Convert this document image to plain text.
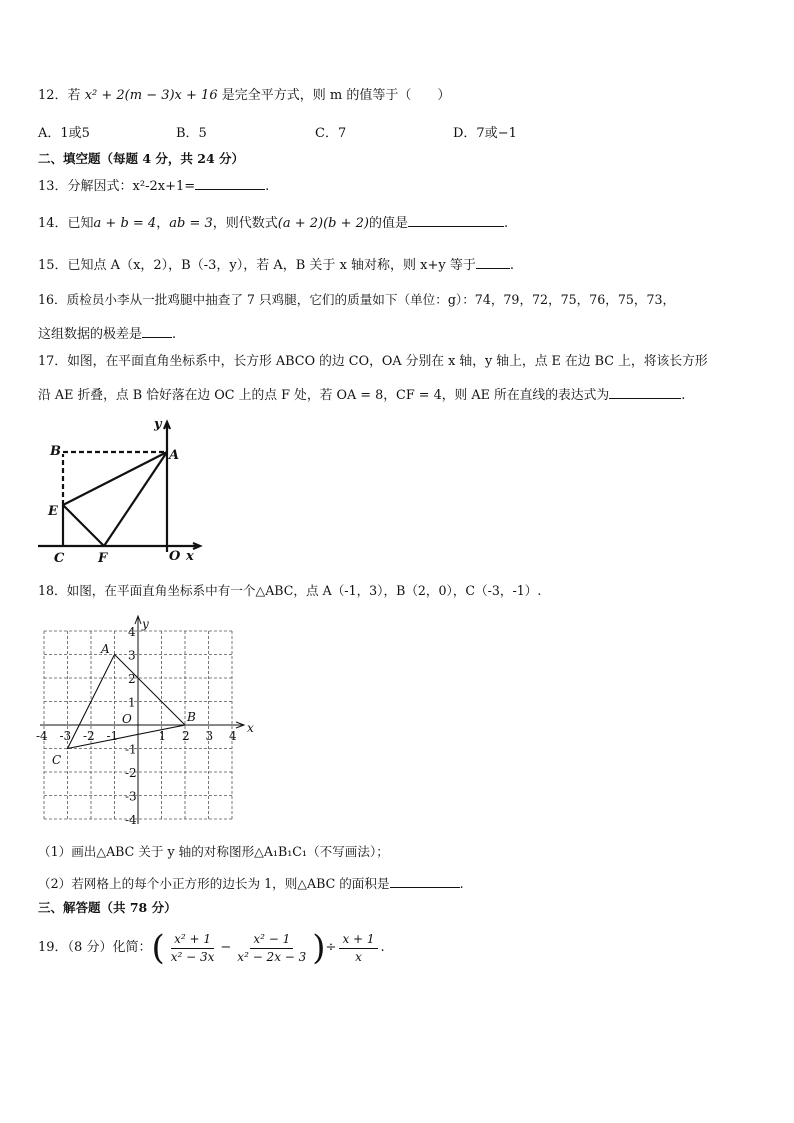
12．若 x² + 2(m − 3)x + 16 是完全平方式，则 m 的值等于（　　）
A．1或5	B．5	C．7	D．7或−1
二、填空题（每题 4 分，共 24 分）
13．分解因式：x²-2x+1=	.
14．已知a + b = 4，ab = 3，则代数式(a + 2)(b + 2)的值是	.
15．已知点 A（x，2），B（-3，y），若 A，B 关于 x 轴对称，则 x+y 等于	.
16．质检员小李从一批鸡腿中抽查了 7 只鸡腿，它们的质量如下（单位：g）：74，79，72，75，76，75，73，
这组数据的极差是 .
17．如图，在平面直角坐标系中，长方形 ABCO 的边 CO，OA 分别在 x 轴，y 轴上，点 E 在边 BC 上，将该长方形
沿 AE 折叠，点 B 恰好落在边 OC 上的点 F 处，若 OA = 8，CF = 4，则 AE 所在直线的表达式为	.
B	A
E
C	F	O x
y
18．如图，在平面直角坐标系中有一个△ABC，点 A（-1，3），B（2，0），C（-3，-1）.
-4 -3 -2 -1	1 2 3 4
4
3
2
1
-1
-2
-3
-4
A
B
C
O
x
y
（1）画出△ABC 关于 y 轴的对称图形△A₁B₁C₁（不写画法）；
（2）若网格上的每个小正方形的边长为 1，则△ABC 的面积是	.
三、解答题（共 78 分）
19．（8 分）化简：( $\frac{\text{x² + 1}}{\text{x² − 3x}} - \frac{\text{x² − 1}}{\text{x² − 2x − 3}}$ )÷ $\frac{x + 1}{x}$ .
